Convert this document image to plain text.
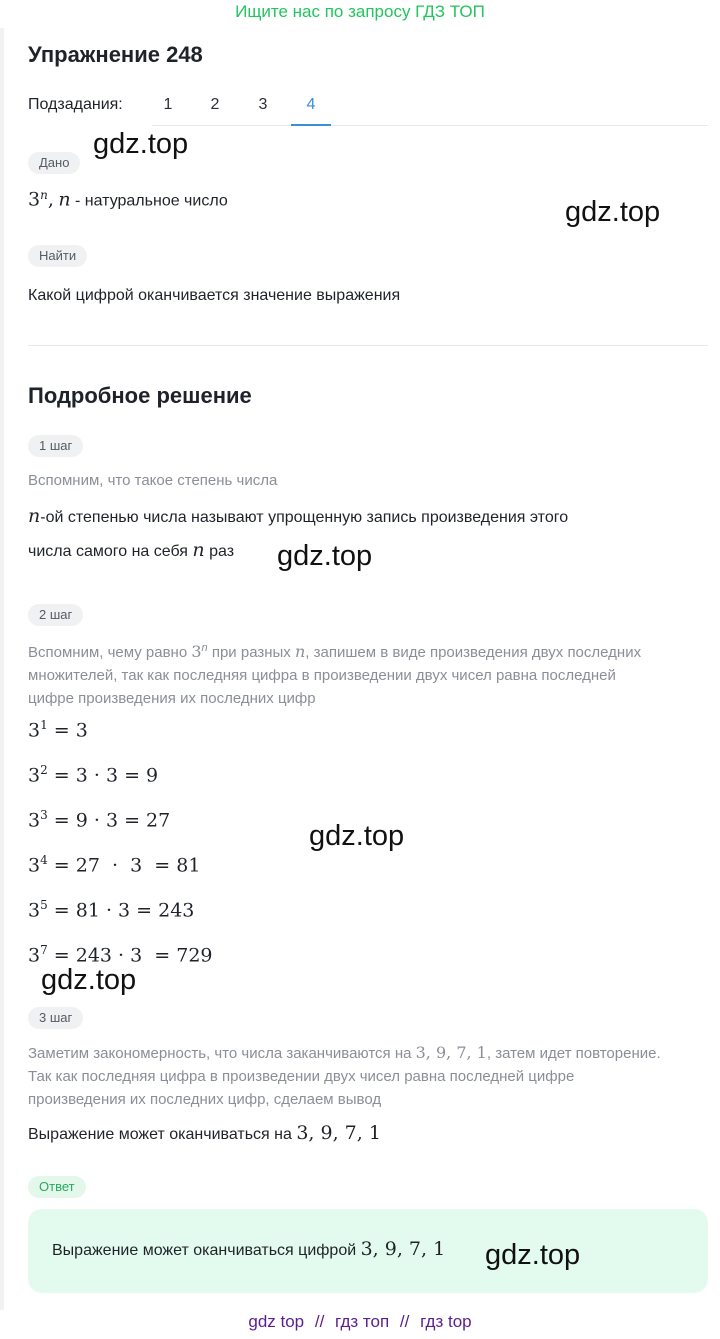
Ищите нас по запросу ГДЗ ТОП
Упражнение 248
Подзадания:	1	2	3	4
Дано
3$^n$, n - натуральное число
Найти
Какой цифрой оканчивается значение выражения
Подробное решение
1 шаг
Вспомним, что такое степень числа
n-ой степенью числа называют упрощенную запись произведения этого
числа самого на себя n раз
2 шаг
Вспомним, чему равно 3$^n$ при разных n, запишем в виде произведения двух последних
множителей, так как последняя цифра в произведении двух чисел равна последней
цифре произведения их последних цифр
$3^1 = 3$
$3^2 = 3 \cdot 3 = 9$
$3^3 = 9 \cdot 3 = 27$
$3^4 = 27 \cdot 3 = 81$
$3^5 = 81 \cdot 3 = 243$
$3^7 = 243 \cdot 3 = 729$
3 шаг
Заметим закономерность, что числа заканчиваются на 3, 9, 7, 1, затем идет повторение.
Так как последняя цифра в произведении двух чисел равна последней цифре
произведения их последних цифр, сделаем вывод
Выражение может оканчиваться на 3, 9, 7, 1
Ответ
Выражение может оканчиваться цифрой 3, 9, 7, 1
gdz.top
gdz.top
gdz.top
gdz.top
gdz.top
gdz.top
gdz top // гдз топ // гдз top
